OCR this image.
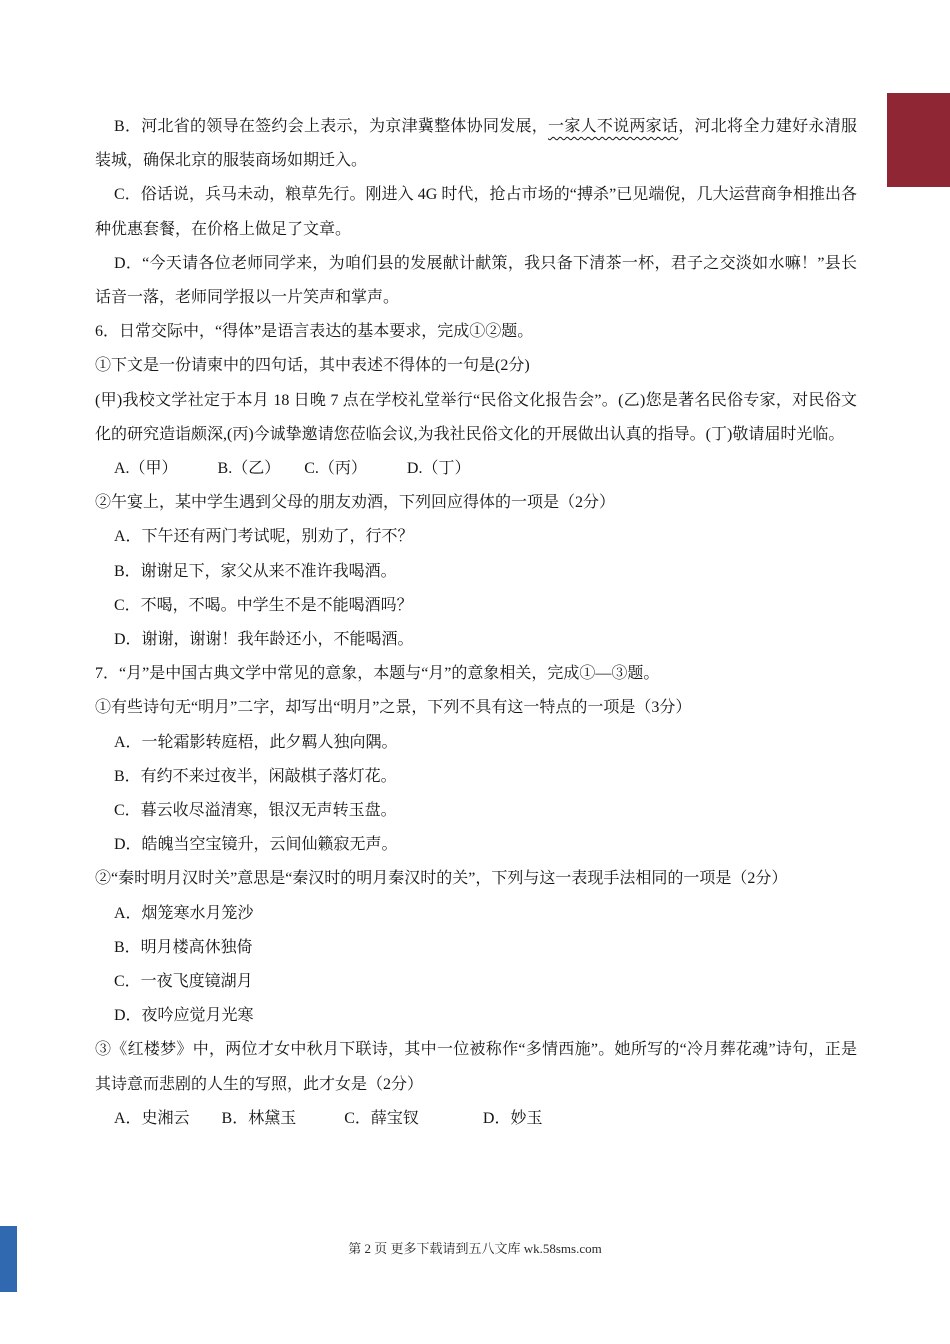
B．河北省的领导在签约会上表示，为京津冀整体协同发展，一家人不说两家话，河北将全力建好永清服装城，确保北京的服装商场如期迁入。

C．俗话说，兵马未动，粮草先行。刚进入 4G 时代，抢占市场的“搏杀”已见端倪，几大运营商争相推出各种优惠套餐，在价格上做足了文章。

D．“今天请各位老师同学来，为咱们县的发展献计献策，我只备下清茶一杯，君子之交淡如水嘛！”县长话音一落，老师同学报以一片笑声和掌声。

6．日常交际中，“得体”是语言表达的基本要求，完成①②题。

①下文是一份请柬中的四句话，其中表述不得体的一句是(2分)

(甲)我校文学社定于本月 18 日晚 7 点在学校礼堂举行“民俗文化报告会”。(乙)您是著名民俗专家，对民俗文化的研究造诣颇深,(丙)今诚挚邀请您莅临会议,为我社民俗文化的开展做出认真的指导。(丁)敬请届时光临。

A.（甲）　　　B.（乙）　　C.（丙）　　　D.（丁）

②午宴上，某中学生遇到父母的朋友劝酒，下列回应得体的一项是（2分）

A．下午还有两门考试呢，别劝了，行不？

B．谢谢足下，家父从来不准许我喝酒。

C．不喝，不喝。中学生不是不能喝酒吗？

D．谢谢，谢谢！我年龄还小，不能喝酒。

7．“月”是中国古典文学中常见的意象，本题与“月”的意象相关，完成①—③题。

①有些诗句无“明月”二字，却写出“明月”之景，下列不具有这一特点的一项是（3分）

A．一轮霜影转庭梧，此夕羁人独向隅。

B．有约不来过夜半，闲敲棋子落灯花。

C．暮云收尽溢清寒，银汉无声转玉盘。

D．皓魄当空宝镜升，云间仙籁寂无声。

②“秦时明月汉时关”意思是“秦汉时的明月秦汉时的关”，下列与这一表现手法相同的一项是（2分）

A．烟笼寒水月笼沙

B．明月楼高休独倚

C．一夜飞度镜湖月

D．夜吟应觉月光寒

③《红楼梦》中，两位才女中秋月下联诗，其中一位被称作“多情西施”。她所写的“冷月葬花魂”诗句，正是其诗意而悲剧的人生的写照，此才女是（2分）

A．史湘云　　B．林黛玉　　　C．薛宝钗　　　　D．妙玉

第 2 页 更多下载请到五八文库 wk.58sms.com
